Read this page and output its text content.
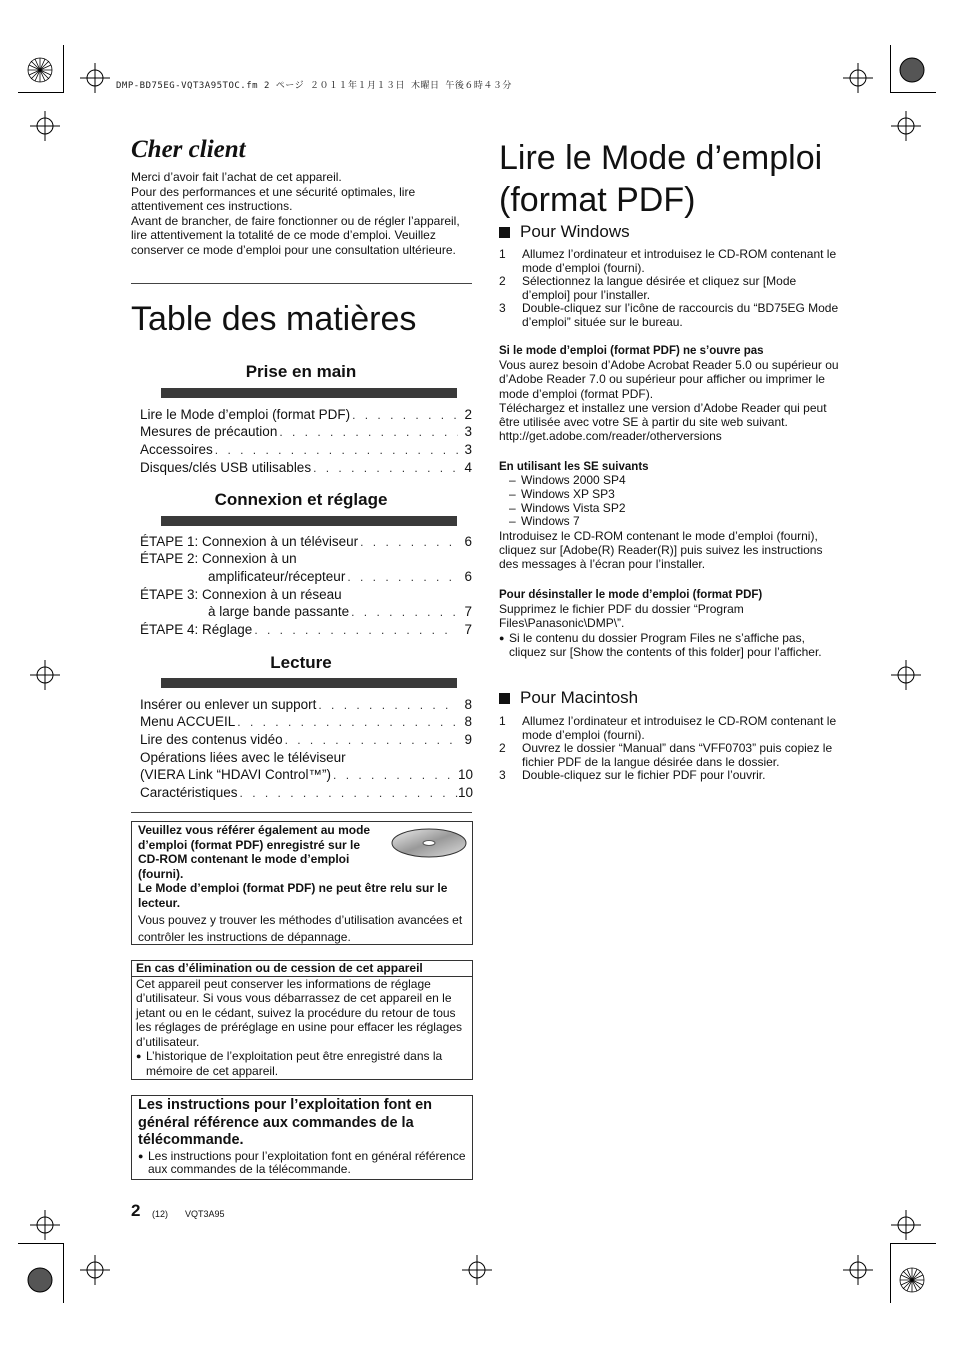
DMP-BD75EG-VQT3A95TOC.fm 2 ページ ２０１１年１月１３日 木曜日 午後６時４３分
Cher client

Merci d’avoir fait l’achat de cet appareil.

Pour des performances et une sécurité optimales, lire attentivement ces instructions.

Avant de brancher, de faire fonctionner ou de régler l’appareil, lire attentivement la totalité de ce mode d’emploi. Veuillez conserver ce mode d’emploi pour une consultation ultérieure.

Table des matières
Prise en main
Lire le Mode d’emploi (format PDF) . . .	2
Mesures de précaution . . .	3
Accessoires . . .	3
Disques/clés USB utilisables . . .	4
Connexion et réglage
ÉTAPE 1: Connexion à un téléviseur . . .	6
ÉTAPE 2: Connexion à un
amplificateur/récepteur . . .	6
ÉTAPE 3: Connexion à un réseau
à large bande passante . . .	7
ÉTAPE 4: Réglage . . .	7
Lecture
Insérer ou enlever un support . . .	8
Menu ACCUEIL . . .	8
Lire des contenus vidéo . . .	9
Opérations liées avec le téléviseur
(VIERA Link “HDAVI Control™”) . . .	10
Caractéristiques . . .	10
Veuillez vous référer également au mode d’emploi (format PDF) enregistré sur le CD-ROM contenant le mode d’emploi (fourni).
Le Mode d’emploi (format PDF) ne peut être relu sur le lecteur.
Vous pouvez y trouver les méthodes d’utilisation avancées et contrôler les instructions de dépannage.
En cas d’élimination ou de cession de cet appareil
Cet appareil peut conserver les informations de réglage d’utilisateur. Si vous vous débarrassez de cet appareil en le jetant ou en le cédant, suivez la procédure du retour de tous les réglages de préréglage en usine pour effacer les réglages d’utilisateur.
● L’historique de l’exploitation peut être enregistré dans la mémoire de cet appareil.
Les instructions pour l’exploitation font en général référence aux commandes de la télécommande.
● Les instructions pour l’exploitation font en général référence aux commandes de la télécommande.
Lire le Mode d’emploi
(format PDF)
Pour Windows
1	Allumez l’ordinateur et introduisez le CD-ROM contenant le mode d’emploi (fourni).
2	Sélectionnez la langue désirée et cliquez sur [Mode d’emploi] pour l’installer.
3	Double-cliquez sur l’icône de raccourcis du “BD75EG Mode d’emploi” située sur le bureau.
Si le mode d’emploi (format PDF) ne s’ouvre pas
Vous aurez besoin d’Adobe Acrobat Reader 5.0 ou supérieur ou d’Adobe Reader 7.0 ou supérieur pour afficher ou imprimer le mode d’emploi (format PDF).
Téléchargez et installez une version d’Adobe Reader qui peut être utilisée avec votre SE à partir du site web suivant.
http://get.adobe.com/reader/otherversions
En utilisant les SE suivants
– Windows 2000 SP4
– Windows XP SP3
– Windows Vista SP2
– Windows 7
Introduisez le CD-ROM contenant le mode d’emploi (fourni), cliquez sur [Adobe(R) Reader(R)] puis suivez les instructions des messages à l’écran pour l’installer.
Pour désinstaller le mode d’emploi (format PDF)
Supprimez le fichier PDF du dossier “Program Files\Panasonic\DMP\”.
● Si le contenu du dossier Program Files ne s’affiche pas, cliquez sur [Show the contents of this folder] pour l’afficher.
Pour Macintosh
1	Allumez l’ordinateur et introduisez le CD-ROM contenant le mode d’emploi (fourni).
2	Ouvrez le dossier “Manual” dans “VFF0703” puis copiez le fichier PDF de la langue désirée dans le dossier.
3	Double-cliquez sur le fichier PDF pour l’ouvrir.
2 (12) VQT3A95
